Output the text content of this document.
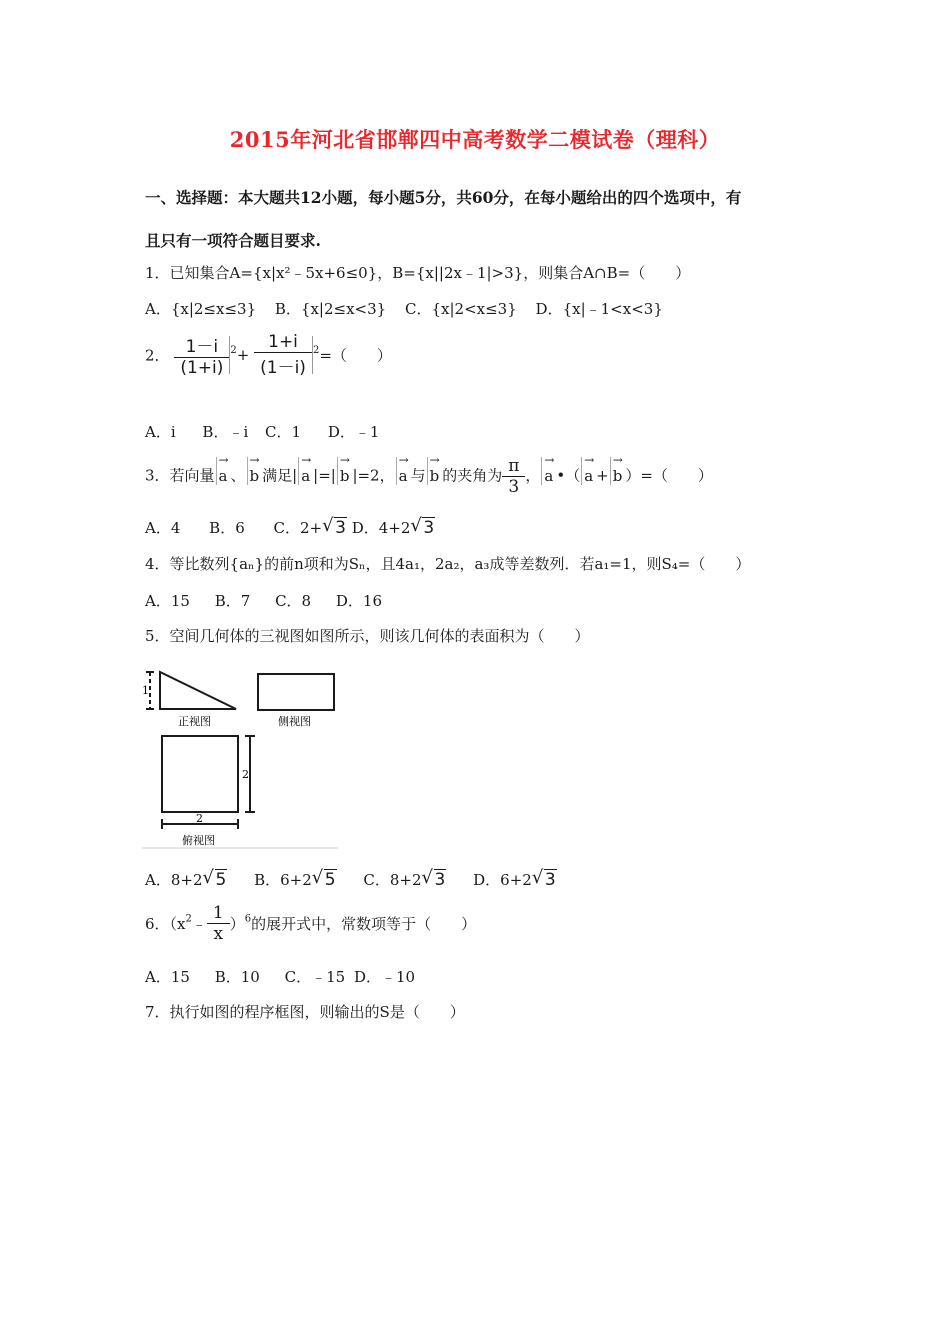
2015年河北省邯郸四中高考数学二模试卷（理科）
一、选择题：本大题共12小题，每小题5分，共60分，在每小题给出的四个选项中，有
且只有一项符合题目要求.
1．已知集合A={x|x²﹣5x+6≤0}，B={x||2x﹣1|>3}，则集合A∩B=（　　）
A．{x|2≤x≤3} B．{x|2≤x<3} C．{x|2<x≤3} D．{x|﹣1<x<3}
2． $\frac{1-i}{(1+i)} ^2+ \frac{1+i}{(1-i)} ^2=$（　　）
A．i B．﹣i C．1 D．﹣1
3．若向量 → a 、 → b 满足| → a |=| → b |=2， → a 与 → b 的夹角为 $\frac{\pi}{3}$ ， → a •（ → a + → b ）=（　　）
A．4 B．6 C．2+ √ 3 D．4+2 √ 3
4．等比数列{aₙ}的前n项和为Sₙ，且4a₁，2a₂，a₃成等差数列．若a₁=1，则S₄=（　　）
A．15 B．7 C．8 D．16
5．空间几何体的三视图如图所示，则该几何体的表面积为（　　）
1
正视图	侧视图
2
2
俯视图
A．8+2 √ 5 B．6+2 √ 5 C．8+2 √ 3 D．6+2 √ 3
6．$(x^2﹣ \frac{1}{x} )^6$的展开式中，常数项等于（　　）
A．15 B．10 C．﹣15 D．﹣10
7．执行如图的程序框图，则输出的S是（　　）
